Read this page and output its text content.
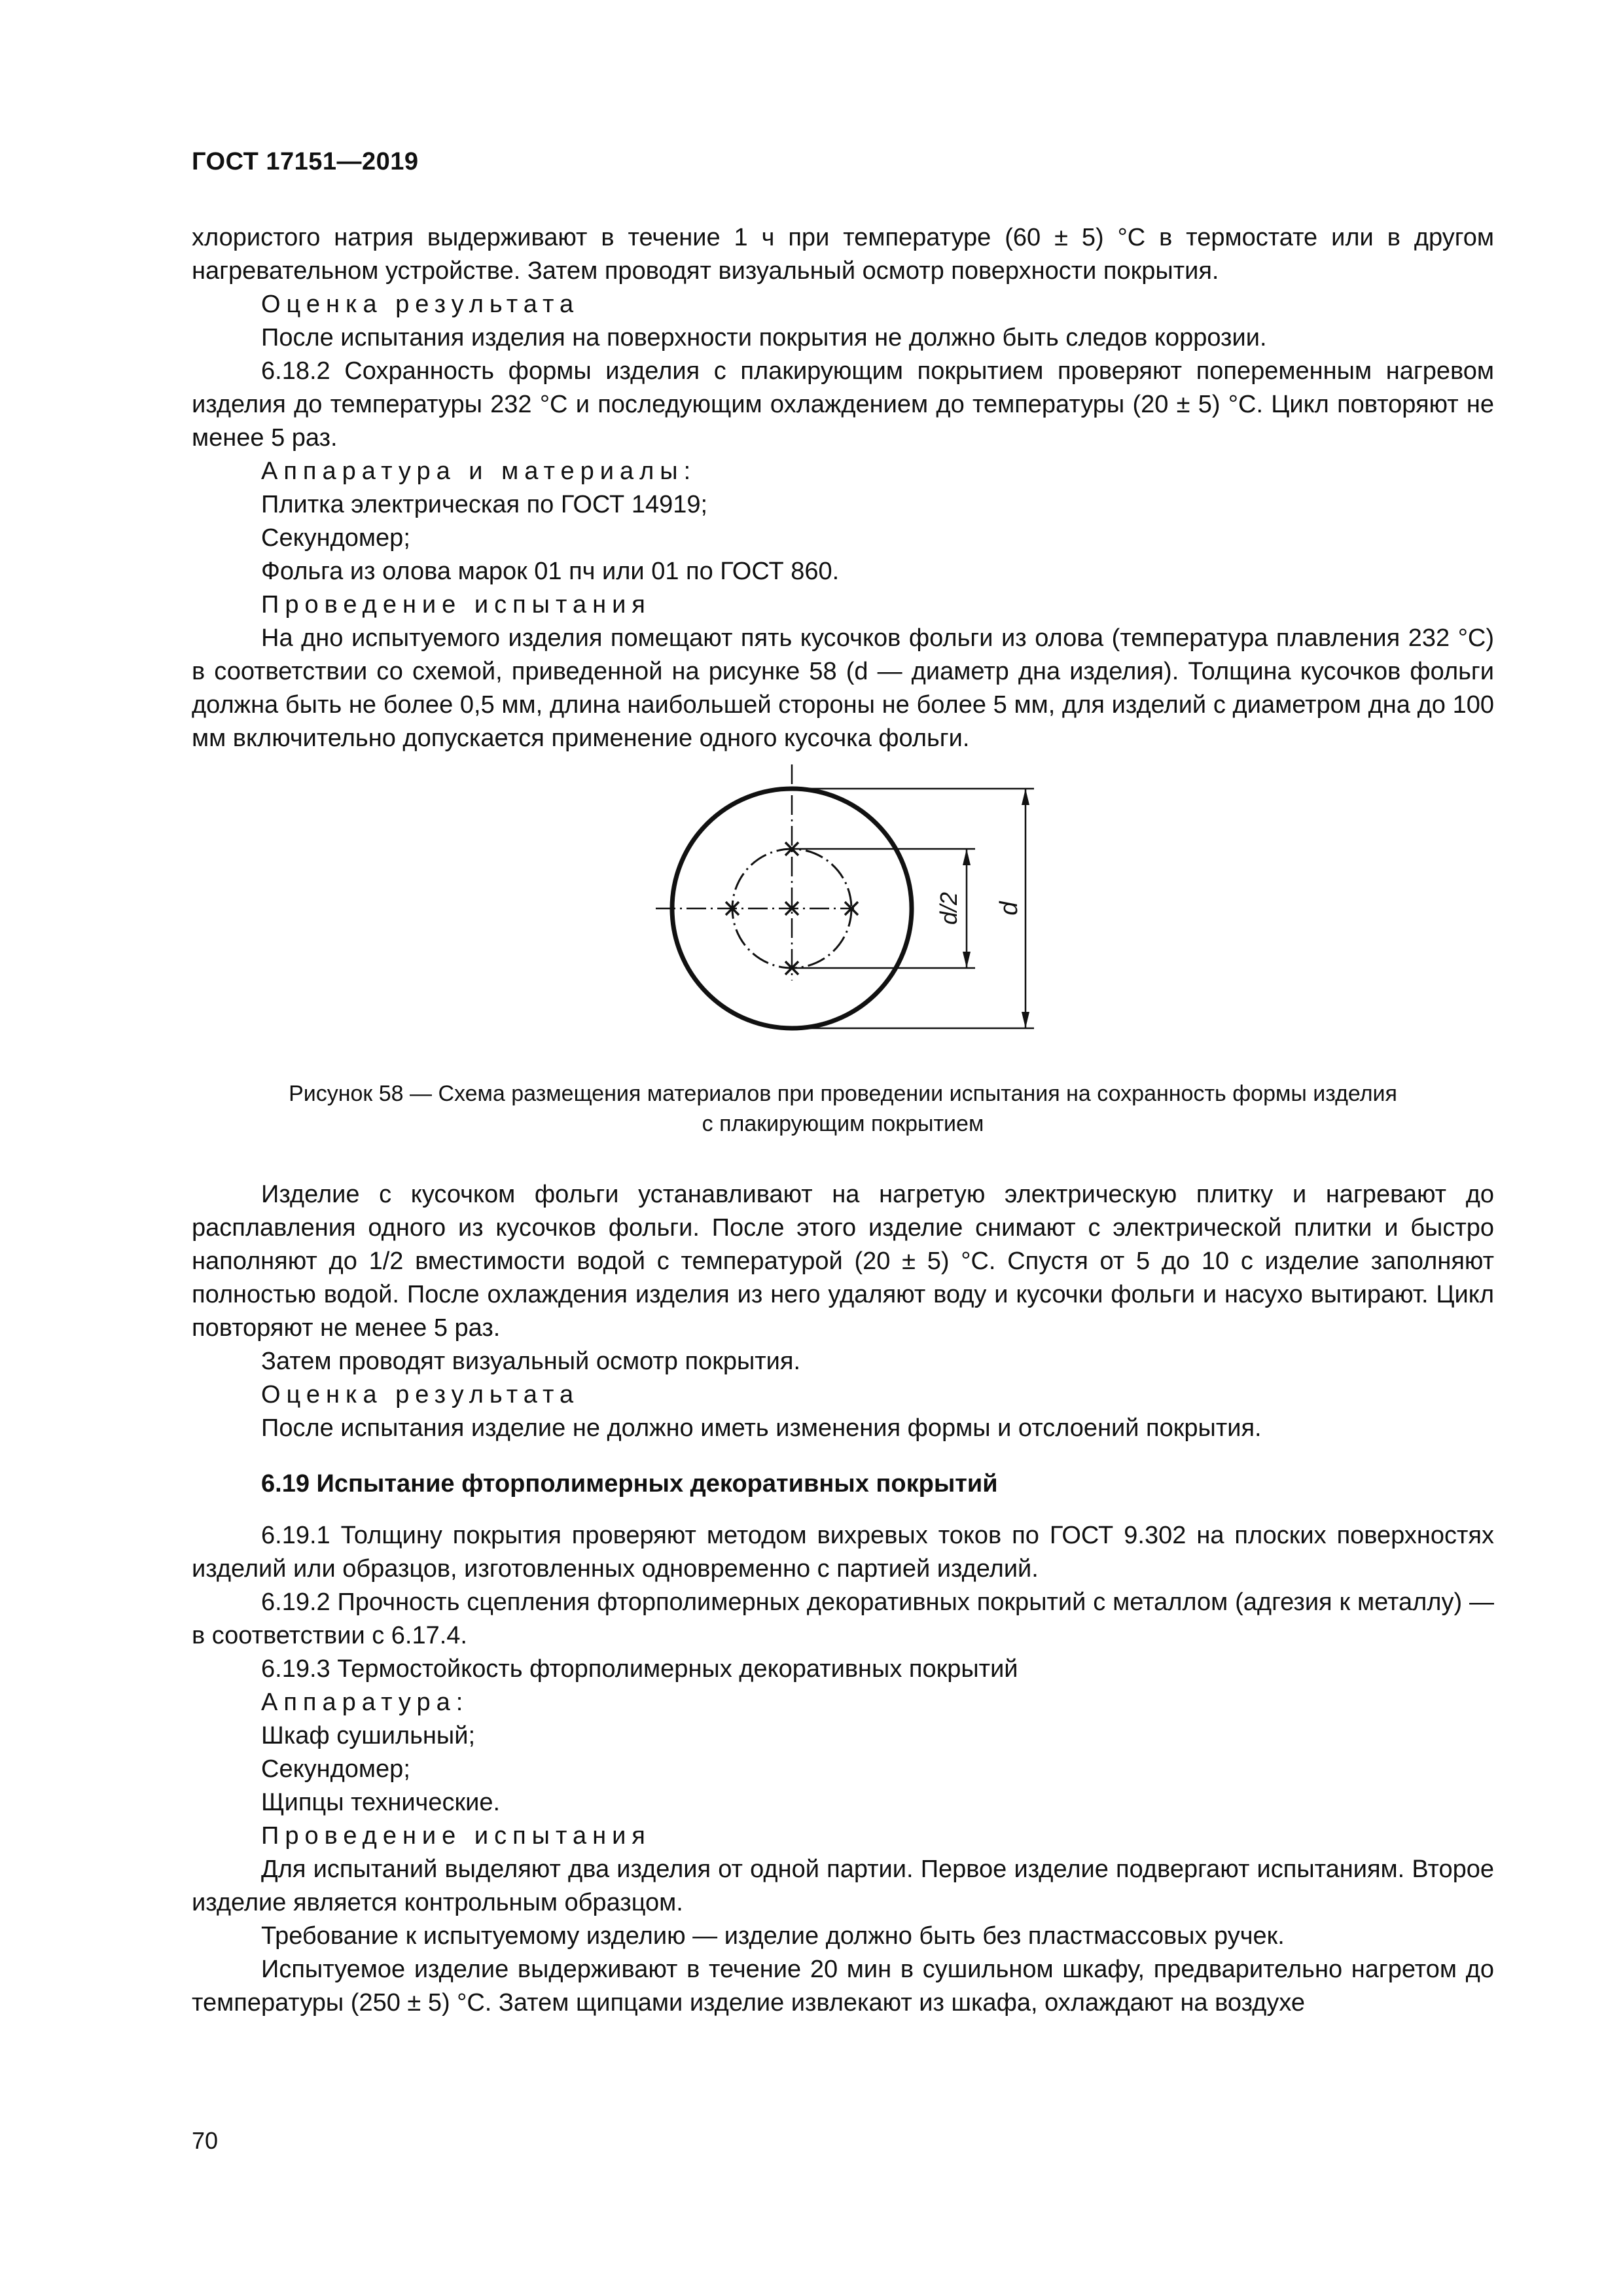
ГОСТ 17151—2019

хлористого натрия выдерживают в течение 1 ч при температуре (60 ± 5) °С в термостате или в другом нагревательном устройстве. Затем проводят визуальный осмотр поверхности покрытия.

Оценка результата

После испытания изделия на поверхности покрытия не должно быть следов коррозии.

6.18.2 Сохранность формы изделия с плакирующим покрытием проверяют попеременным нагревом изделия до температуры 232 °С и последующим охлаждением до температуры (20 ± 5) °С. Цикл повторяют не менее 5 раз.

Аппаратура и материалы:

Плитка электрическая по ГОСТ 14919;

Секундомер;

Фольга из олова марок 01 пч или 01 по ГОСТ 860.

Проведение испытания

На дно испытуемого изделия помещают пять кусочков фольги из олова (температура плавления 232 °С) в соответствии со схемой, приведенной на рисунке 58 (d — диаметр дна изделия). Толщина кусочков фольги должна быть не более 0,5 мм, длина наибольшей стороны не более 5 мм, для изделий с диаметром дна до 100 мм включительно допускается применение одного кусочка фольги.

d/2 d

Рисунок 58 — Схема размещения материалов при проведении испытания на сохранность формы изделия

с плакирующим покрытием

Изделие с кусочком фольги устанавливают на нагретую электрическую плитку и нагревают до расплавления одного из кусочков фольги. После этого изделие снимают с электрической плитки и быстро наполняют до 1/2 вместимости водой с температурой (20 ± 5) °С. Спустя от 5 до 10 с изделие заполняют полностью водой. После охлаждения изделия из него удаляют воду и кусочки фольги и насухо вытирают. Цикл повторяют не менее 5 раз.

Затем проводят визуальный осмотр покрытия.

Оценка результата

После испытания изделие не должно иметь изменения формы и отслоений покрытия.

6.19 Испытание фторполимерных декоративных покрытий

6.19.1 Толщину покрытия проверяют методом вихревых токов по ГОСТ 9.302 на плоских поверхностях изделий или образцов, изготовленных одновременно с партией изделий.

6.19.2 Прочность сцепления фторполимерных декоративных покрытий с металлом (адгезия к металлу) — в соответствии с 6.17.4.

6.19.3 Термостойкость фторполимерных декоративных покрытий

Аппаратура:

Шкаф сушильный;

Секундомер;

Щипцы технические.

Проведение испытания

Для испытаний выделяют два изделия от одной партии. Первое изделие подвергают испытаниям. Второе изделие является контрольным образцом.

Требование к испытуемому изделию — изделие должно быть без пластмассовых ручек.

Испытуемое изделие выдерживают в течение 20 мин в сушильном шкафу, предварительно нагретом до температуры (250 ± 5) °С. Затем щипцами изделие извлекают из шкафа, охлаждают на воздухе

70
